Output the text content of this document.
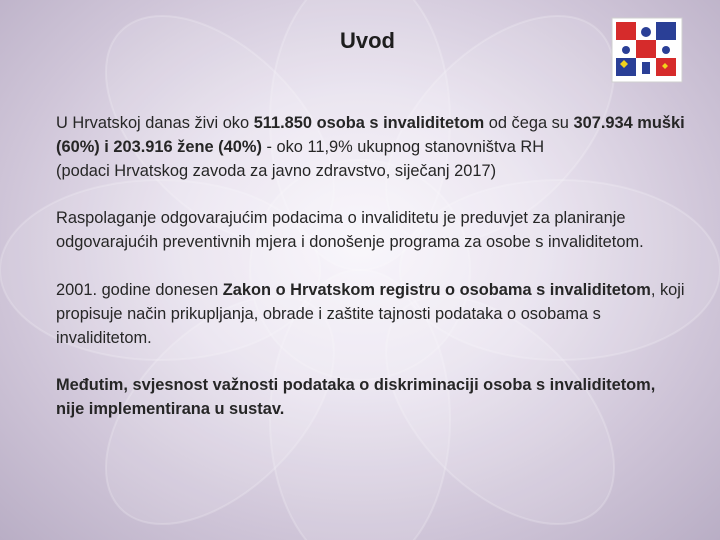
Uvod

U Hrvatskoj danas živi oko 511.850 osoba s invaliditetom od čega su 307.934 muški (60%) i 203.916 žene (40%) - oko 11,9% ukupnog stanovništva RH
(podaci Hrvatskog zavoda za javno zdravstvo, siječanj 2017)

Raspolaganje odgovarajućim podacima o invaliditetu je preduvjet za planiranje odgovarajućih preventivnih mjera i donošenje programa za osobe s invaliditetom.

2001. godine donesen Zakon o Hrvatskom registru o osobama s invaliditetom, koji propisuje način prikupljanja, obrade i zaštite tajnosti podataka o osobama s invaliditetom.

Međutim, svjesnost važnosti podataka o diskriminaciji osoba s invaliditetom, nije implementirana u sustav.
